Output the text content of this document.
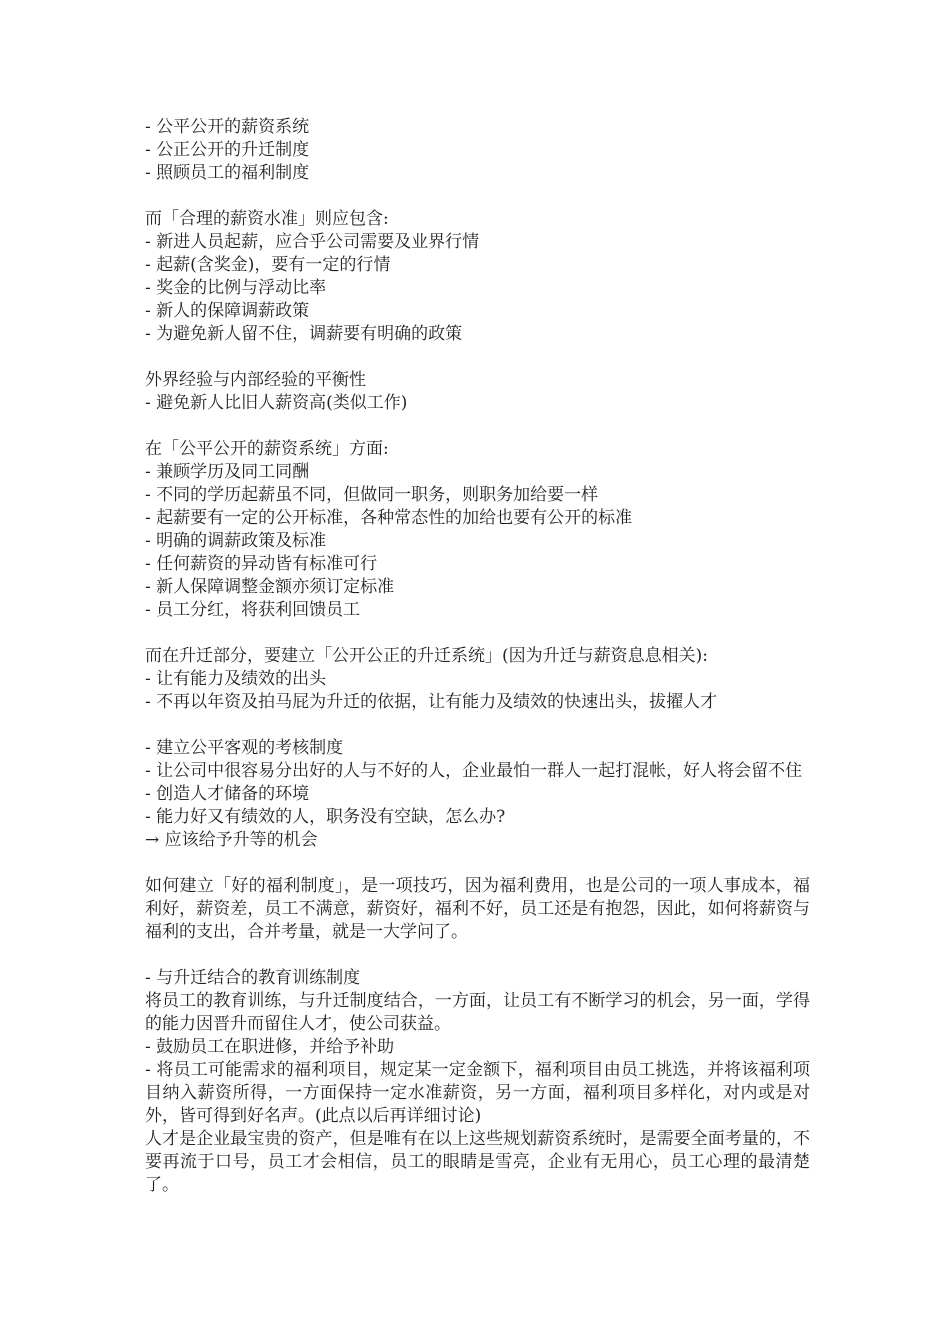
- 公平公开的薪资系统
- 公正公开的升迁制度
- 照顾员工的福利制度
而「合理的薪资水准」则应包含:
- 新进人员起薪，应合乎公司需要及业界行情
- 起薪(含奖金)，要有一定的行情
- 奖金的比例与浮动比率
- 新人的保障调薪政策
- 为避免新人留不住，调薪要有明确的政策
外界经验与内部经验的平衡性
- 避免新人比旧人薪资高(类似工作)
在「公平公开的薪资系统」方面:
- 兼顾学历及同工同酬
- 不同的学历起薪虽不同，但做同一职务，则职务加给要一样
- 起薪要有一定的公开标准，各种常态性的加给也要有公开的标准
- 明确的调薪政策及标准
- 任何薪资的异动皆有标准可行
- 新人保障调整金额亦须订定标准
- 员工分红，将获利回馈员工
而在升迁部分，要建立「公开公正的升迁系统」(因为升迁与薪资息息相关):
- 让有能力及绩效的出头
- 不再以年资及拍马屁为升迁的依据，让有能力及绩效的快速出头，拔擢人才
- 建立公平客观的考核制度
- 让公司中很容易分出好的人与不好的人，企业最怕一群人一起打混帐，好人将会留不住
- 创造人才储备的环境
- 能力好又有绩效的人，职务没有空缺，怎么办?
→ 应该给予升等的机会
如何建立「好的福利制度」，是一项技巧，因为福利费用，也是公司的一项人事成本，福利好，薪资差，员工不满意，薪资好，福利不好，员工还是有抱怨，因此，如何将薪资与福利的支出，合并考量，就是一大学问了。
- 与升迁结合的教育训练制度
将员工的教育训练，与升迁制度结合，一方面，让员工有不断学习的机会，另一面，学得的能力因晋升而留住人才，使公司获益。
- 鼓励员工在职进修，并给予补助
- 将员工可能需求的福利项目，规定某一定金额下，福利项目由员工挑选，并将该福利项目纳入薪资所得，一方面保持一定水准薪资，另一方面，福利项目多样化，对内或是对外，皆可得到好名声。(此点以后再详细讨论)
人才是企业最宝贵的资产，但是唯有在以上这些规划薪资系统时，是需要全面考量的，不要再流于口号，员工才会相信，员工的眼睛是雪亮，企业有无用心，员工心理的最清楚了。
